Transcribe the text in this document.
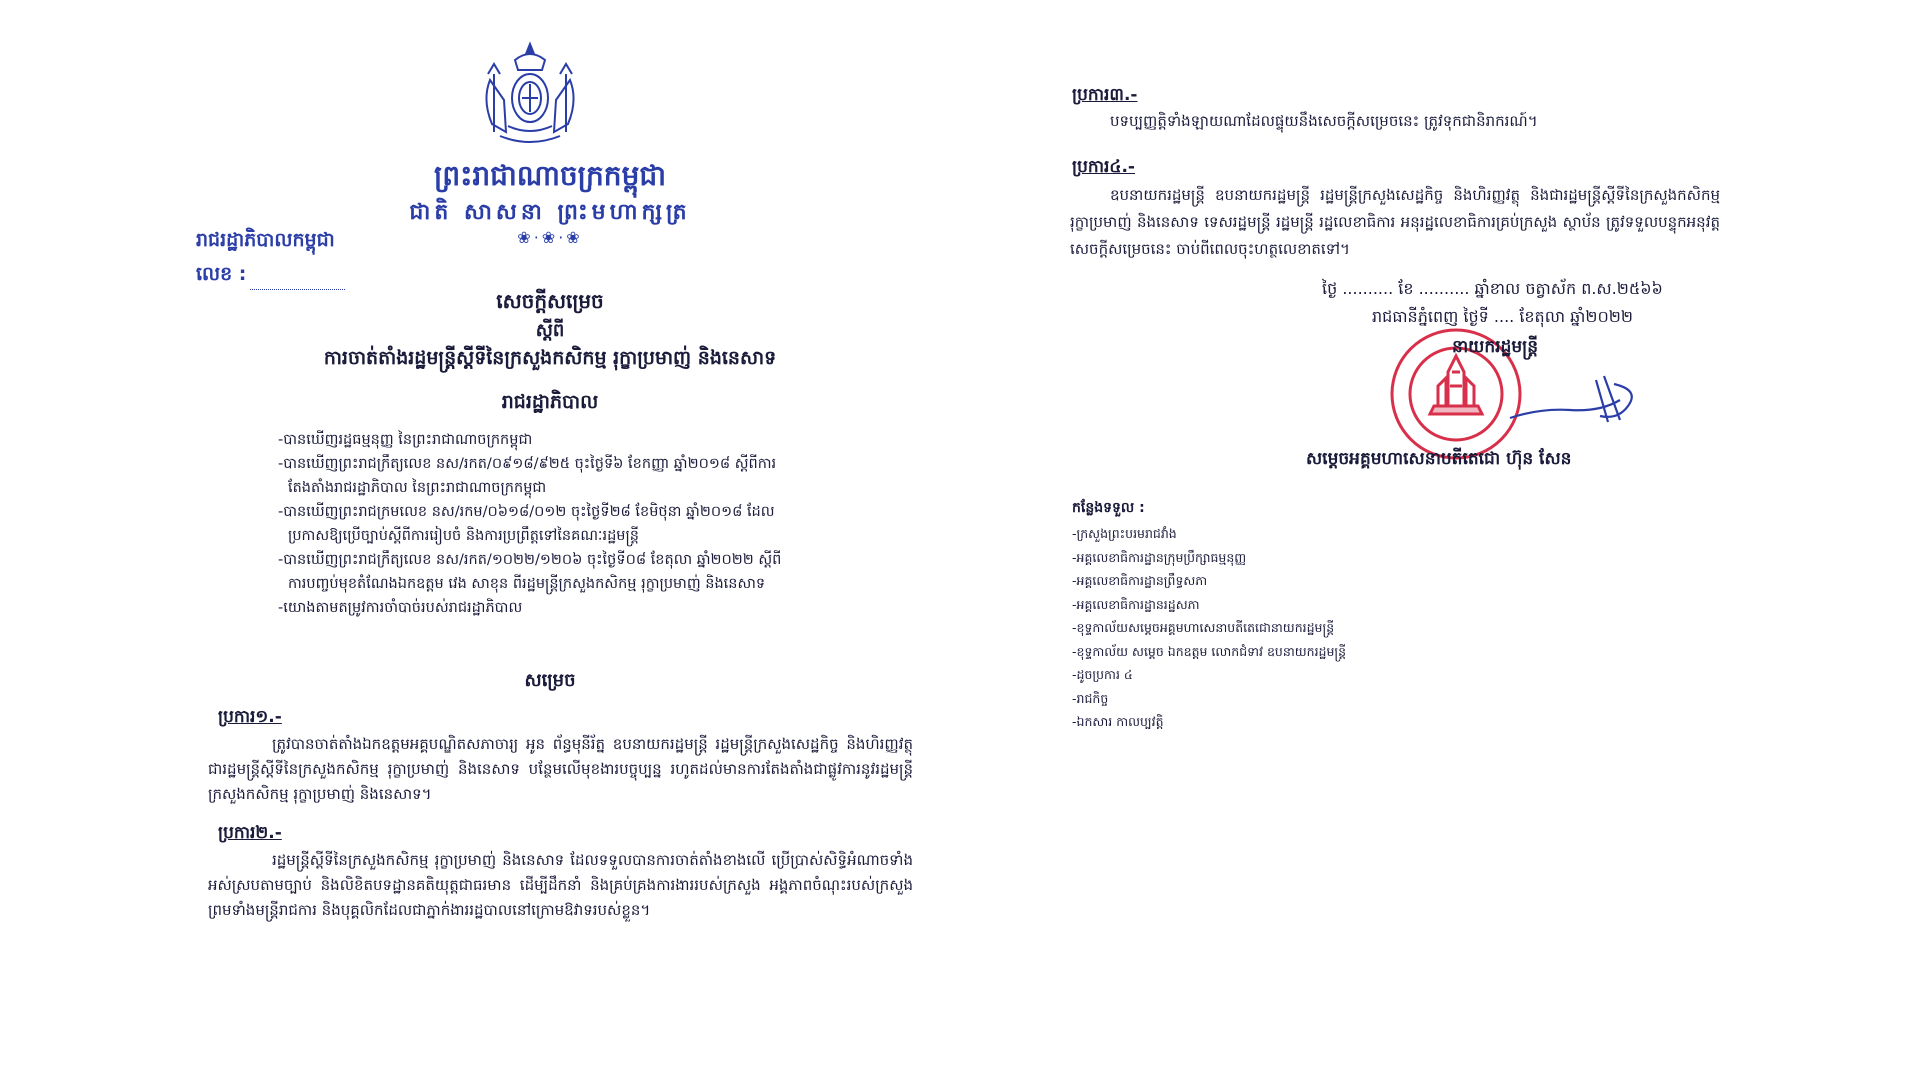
ព្រះរាជាណាចក្រកម្ពុជា
ជាតិ សាសនា ព្រះមហាក្សត្រ
❀·❀·❀
រាជរដ្ឋាភិបាលកម្ពុជា
លេខ :
សេចក្តីសម្រេច
ស្តីពី
ការចាត់តាំងរដ្ឋមន្ត្រីស្តីទីនៃក្រសួងកសិកម្ម រុក្ខាប្រមាញ់ និងនេសាទ
រាជរដ្ឋាភិបាល
-បានឃើញរដ្ឋធម្មនុញ្ញ នៃព្រះរាជាណាចក្រកម្ពុជា
-បានឃើញព្រះរាជក្រឹត្យលេខ នស/រកត/០៩១៨/៩២៥ ចុះថ្ងៃទី៦ ខែកញ្ញា ឆ្នាំ២០១៨ ស្តីពីការ
តែងតាំងរាជរដ្ឋាភិបាល នៃព្រះរាជាណាចក្រកម្ពុជា
-បានឃើញព្រះរាជក្រមលេខ នស/រកម/០៦១៨/០១២ ចុះថ្ងៃទី២៨ ខែមិថុនា ឆ្នាំ២០១៨ ដែល
ប្រកាសឱ្យប្រើច្បាប់ស្តីពីការរៀបចំ និងការប្រព្រឹត្តទៅនៃគណៈរដ្ឋមន្ត្រី
-បានឃើញព្រះរាជក្រឹត្យលេខ នស/រកត/១០២២/១២០៦ ចុះថ្ងៃទី០៨ ខែតុលា ឆ្នាំ២០២២ ស្តីពី
ការបញ្ចប់មុខតំណែងឯកឧត្តម វេង សាខុន ពីរដ្ឋមន្ត្រីក្រសួងកសិកម្ម រុក្ខាប្រមាញ់ និងនេសាទ
-យោងតាមតម្រូវការចាំបាច់របស់រាជរដ្ឋាភិបាល
សម្រេច
ប្រការ១.-
ត្រូវបានចាត់តាំងឯកឧត្តមអគ្គបណ្ឌិតសភាចារ្យ អូន ព័ន្ធមុនីរ័ត្ន ឧបនាយករដ្ឋមន្ត្រី រដ្ឋមន្ត្រីក្រសួងសេដ្ឋកិច្ច និងហិរញ្ញវត្ថុ ជារដ្ឋមន្ត្រីស្តីទីនៃក្រសួងកសិកម្ម រុក្ខាប្រមាញ់ និងនេសាទ បន្ថែមលើមុខងារបច្ចុប្បន្ន រហូតដល់មានការតែងតាំងជាផ្លូវការនូវរដ្ឋមន្ត្រីក្រសួងកសិកម្ម រុក្ខាប្រមាញ់ និងនេសាទ។
ប្រការ២.-
រដ្ឋមន្ត្រីស្តីទីនៃក្រសួងកសិកម្ម រុក្ខាប្រមាញ់ និងនេសាទ ដែលទទួលបានការចាត់តាំងខាងលើ ប្រើប្រាស់សិទ្ធិអំណាចទាំងអស់ស្របតាមច្បាប់ និងលិខិតបទដ្ឋានគតិយុត្តជាធរមាន ដើម្បីដឹកនាំ និងគ្រប់គ្រងការងាររបស់ក្រសួង អង្គភាពចំណុះរបស់ក្រសួង ព្រមទាំងមន្ត្រីរាជការ និងបុគ្គលិកដែលជាភ្នាក់ងាររដ្ឋបាលនៅក្រោមឱវាទរបស់ខ្លួន។
ប្រការ៣.-
បទប្បញ្ញត្តិទាំងឡាយណាដែលផ្ទុយនឹងសេចក្តីសម្រេចនេះ ត្រូវទុកជានិរាករណ៍។
ប្រការ៤.-
ឧបនាយករដ្ឋមន្ត្រី ឧបនាយករដ្ឋមន្ត្រី រដ្ឋមន្ត្រីក្រសួងសេដ្ឋកិច្ច និងហិរញ្ញវត្ថុ និងជារដ្ឋមន្ត្រីស្តីទីនៃក្រសួងកសិកម្ម រុក្ខាប្រមាញ់ និងនេសាទ ទេសរដ្ឋមន្ត្រី រដ្ឋមន្ត្រី រដ្ឋលេខាធិការ អនុរដ្ឋលេខាធិការគ្រប់ក្រសួង ស្ថាប័ន ត្រូវទទួលបន្ទុកអនុវត្តសេចក្តីសម្រេចនេះ ចាប់ពីពេលចុះហត្ថលេខាតទៅ។
ថ្ងៃ .......... ខែ .......... ឆ្នាំខាល ចត្វាស័ក ព.ស.២៥៦៦
រាជធានីភ្នំពេញ ថ្ងៃទី .... ខែតុលា ឆ្នាំ២០២២
នាយករដ្ឋមន្ត្រី
សម្តេចអគ្គមហាសេនាបតីតេជោ ហ៊ុន សែន
កន្លែងទទួល :
-ក្រសួងព្រះបរមរាជវាំង
-អគ្គលេខាធិការដ្ឋានក្រុមប្រឹក្សាធម្មនុញ្ញ
-អគ្គលេខាធិការដ្ឋានព្រឹទ្ធសភា
-អគ្គលេខាធិការដ្ឋានរដ្ឋសភា
-ខុទ្ទកាល័យសម្តេចអគ្គមហាសេនាបតីតេជោនាយករដ្ឋមន្ត្រី
-ខុទ្ទកាល័យ សម្តេច ឯកឧត្តម លោកជំទាវ ឧបនាយករដ្ឋមន្ត្រី
-ដូចប្រការ ៤
-រាជកិច្ច
-ឯកសារ កាលប្បវត្តិ
